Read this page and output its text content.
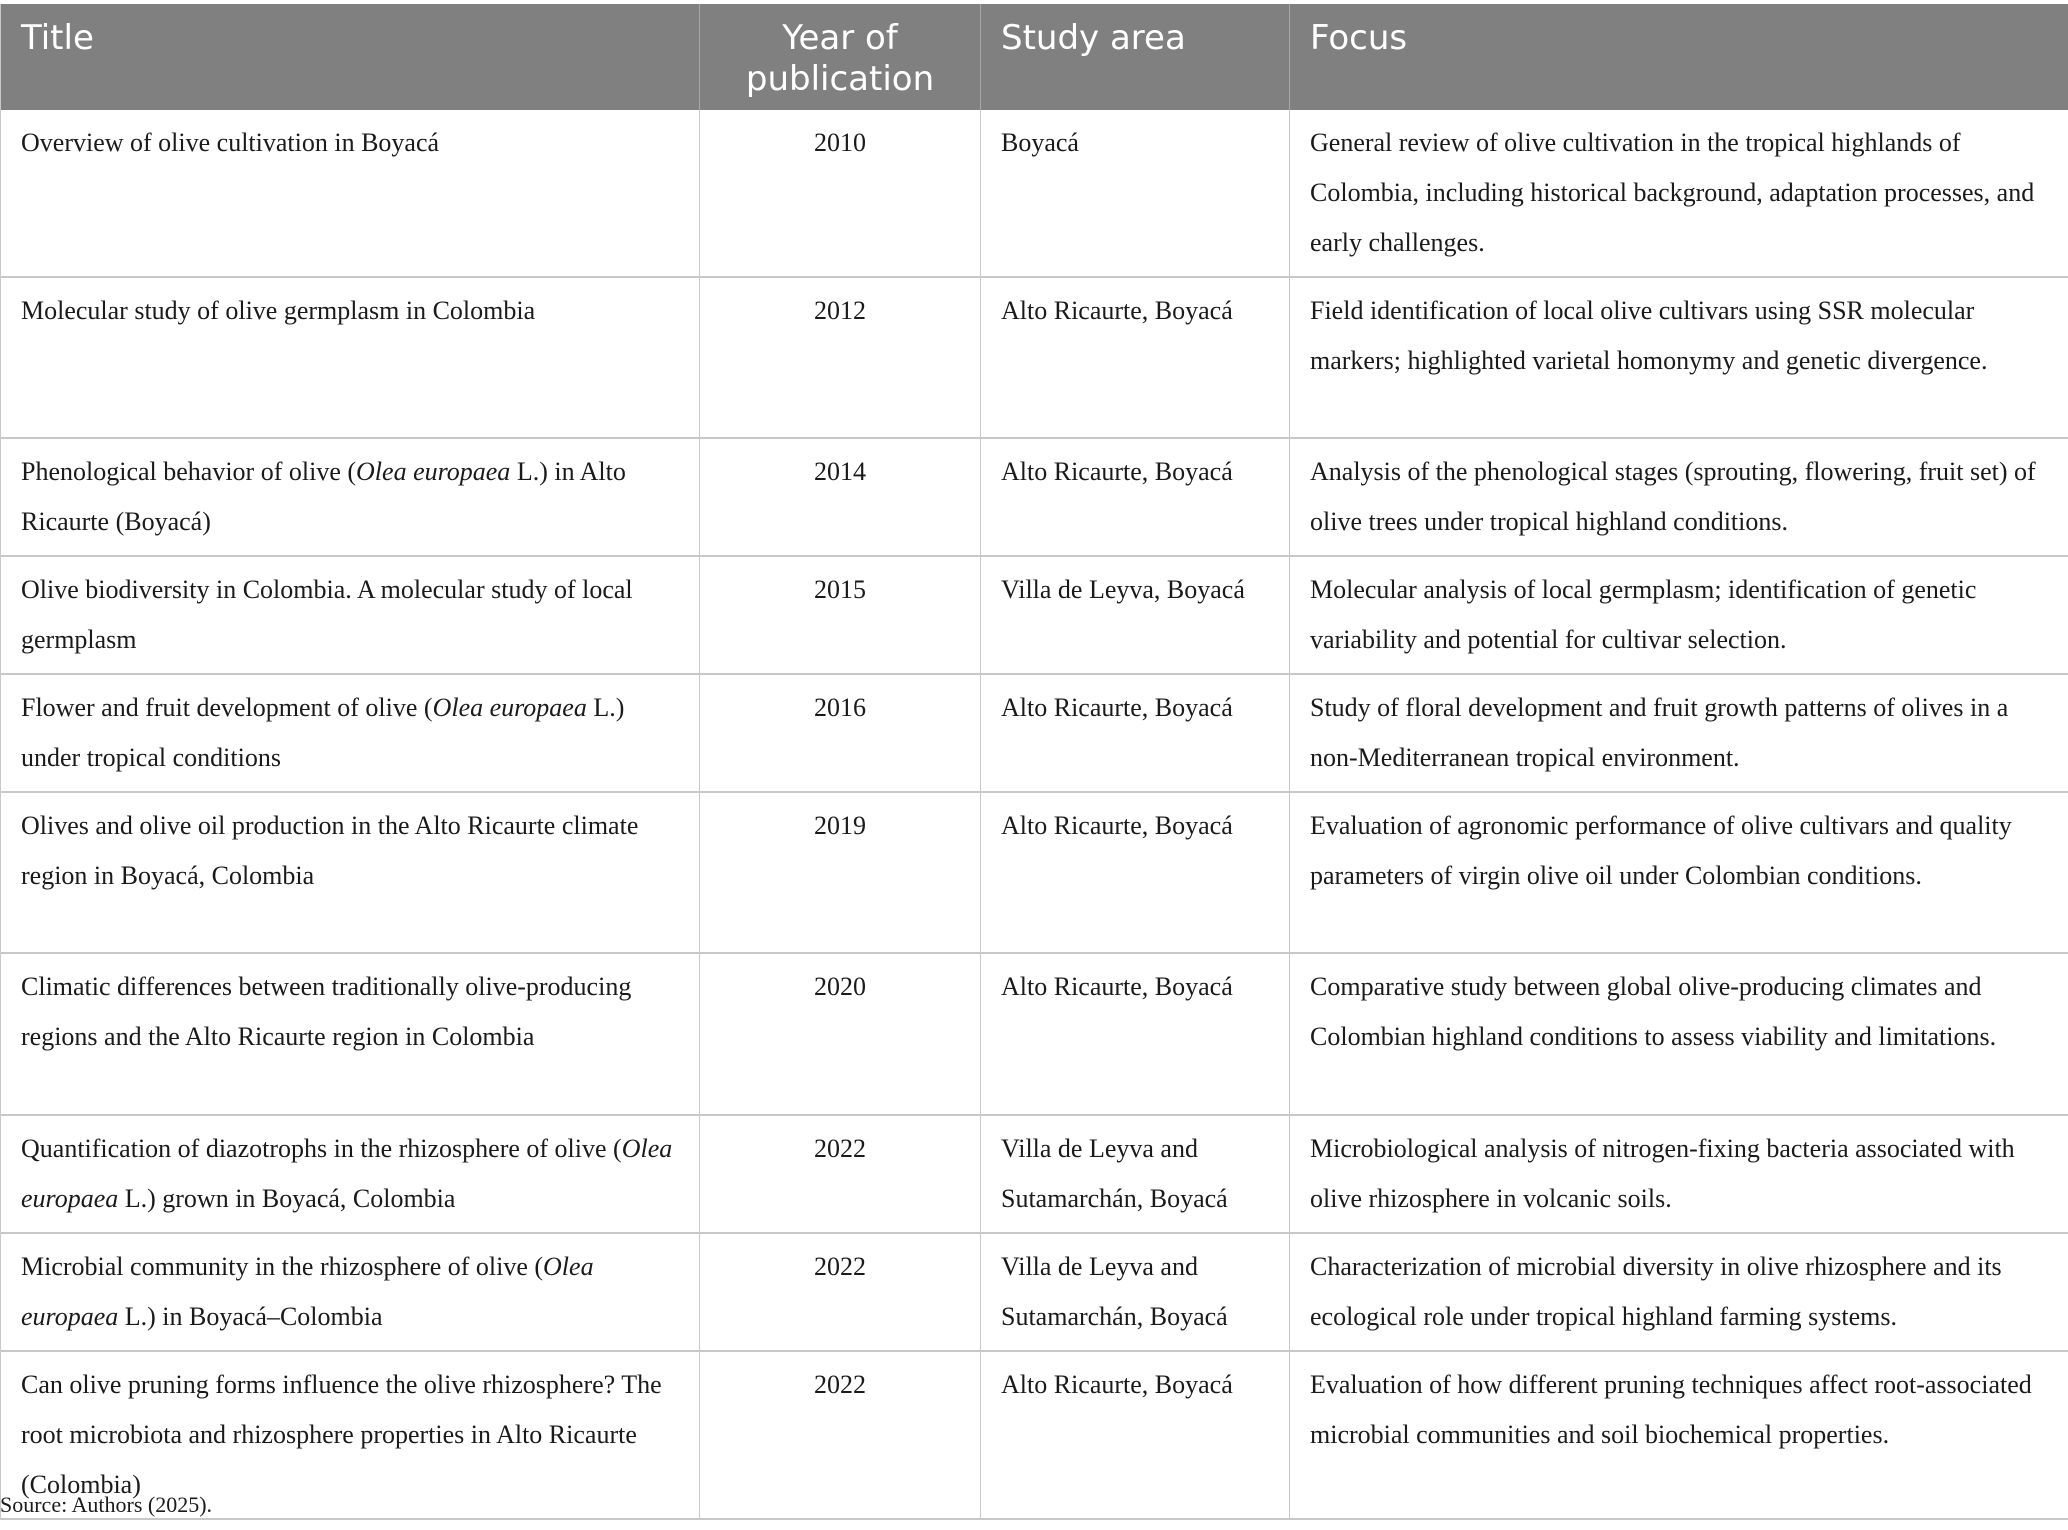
Title	Year of publication	Study area	Focus
Overview of olive cultivation in Boyacá	2010	Boyacá	General review of olive cultivation in the tropical highlands of Colombia, including historical background, adaptation processes, and early challenges.
Molecular study of olive germplasm in Colombia	2012	Alto Ricaurte, Boyacá	Field identification of local olive cultivars using SSR molecular markers; highlighted varietal homonymy and genetic divergence.
Phenological behavior of olive (Olea europaea L.) in Alto Ricaurte (Boyacá)	2014	Alto Ricaurte, Boyacá	Analysis of the phenological stages (sprouting, flowering, fruit set) of olive trees under tropical highland conditions.
Olive biodiversity in Colombia. A molecular study of local germplasm	2015	Villa de Leyva, Boyacá	Molecular analysis of local germplasm; identification of genetic variability and potential for cultivar selection.
Flower and fruit development of olive (Olea europaea L.) under tropical conditions	2016	Alto Ricaurte, Boyacá	Study of floral development and fruit growth patterns of olives in a non-Mediterranean tropical environment.
Olives and olive oil production in the Alto Ricaurte climate region in Boyacá, Colombia	2019	Alto Ricaurte, Boyacá	Evaluation of agronomic performance of olive cultivars and quality parameters of virgin olive oil under Colombian conditions.
Climatic differences between traditionally olive-producing regions and the Alto Ricaurte region in Colombia	2020	Alto Ricaurte, Boyacá	Comparative study between global olive-producing climates and Colombian highland conditions to assess viability and limitations.
Quantification of diazotrophs in the rhizosphere of olive (Olea europaea L.) grown in Boyacá, Colombia	2022	Villa de Leyva and Sutamarchán, Boyacá	Microbiological analysis of nitrogen-fixing bacteria associated with olive rhizosphere in volcanic soils.
Microbial community in the rhizosphere of olive (Olea europaea L.) in Boyacá–Colombia	2022	Villa de Leyva and Sutamarchán, Boyacá	Characterization of microbial diversity in olive rhizosphere and its ecological role under tropical highland farming systems.
Can olive pruning forms influence the olive rhizosphere? The root microbiota and rhizosphere properties in Alto Ricaurte (Colombia)	2022	Alto Ricaurte, Boyacá	Evaluation of how different pruning techniques affect root-associated microbial communities and soil biochemical properties.
Source: Authors (2025).
